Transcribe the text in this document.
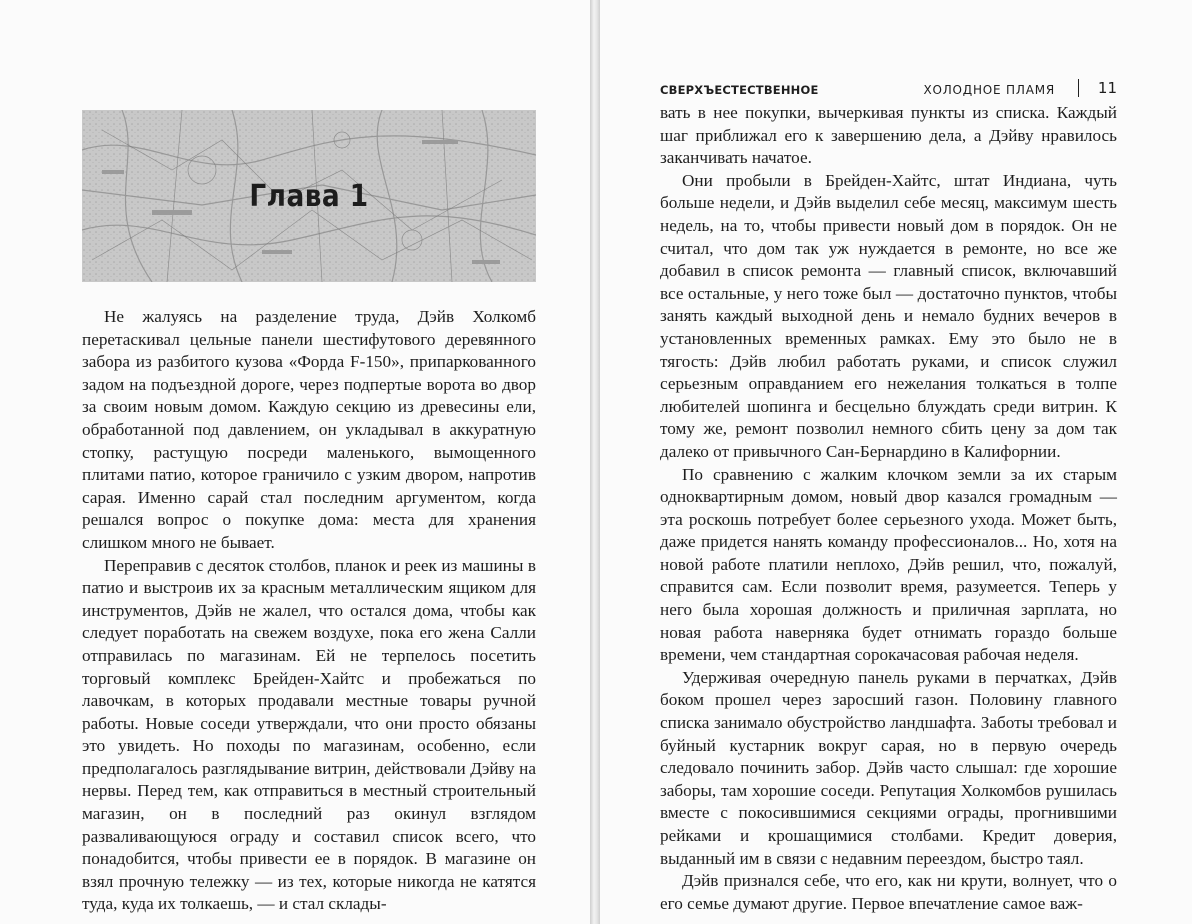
Глава 1

Не жалуясь на разделение труда, Дэйв Холкомб перетаскивал цельные панели шестифутового деревянного забора из разбитого кузова «Форда F-150», припаркованного задом на подъездной дороге, через подпертые ворота во двор за своим новым домом. Каждую секцию из древесины ели, обработанной под давлением, он укладывал в аккуратную стопку, растущую посреди маленького, вымощенного плитами патио, которое граничило с узким двором, напротив сарая. Именно сарай стал последним аргументом, когда решался вопрос о покупке дома: места для хранения слишком много не бывает.

Переправив с десяток столбов, планок и реек из машины в патио и выстроив их за красным металлическим ящиком для инструментов, Дэйв не жалел, что остался дома, чтобы как следует поработать на свежем воздухе, пока его жена Салли отправилась по магазинам. Ей не терпелось посетить торговый комплекс Брейден-Хайтс и пробежаться по лавочкам, в которых продавали местные товары ручной работы. Новые соседи утверждали, что они просто обязаны это увидеть. Но походы по магазинам, особенно, если предполагалось разглядывание витрин, действовали Дэйву на нервы. Перед тем, как отправиться в местный строительный магазин, он в последний раз окинул взглядом разваливающуюся ограду и составил список всего, что понадобится, чтобы привести ее в порядок. В магазине он взял прочную тележку — из тех, которые никогда не катятся туда, куда их толкаешь, — и стал склады-

СВЕРХЪЕСТЕСТВЕННОЕ	ХОЛОДНОЕ ПЛАМЯ	11

вать в нее покупки, вычеркивая пункты из списка. Каждый шаг приближал его к завершению дела, а Дэйву нравилось заканчивать начатое.

Они пробыли в Брейден-Хайтс, штат Индиана, чуть больше недели, и Дэйв выделил себе месяц, максимум шесть недель, на то, чтобы привести новый дом в порядок. Он не считал, что дом так уж нуждается в ремонте, но все же добавил в список ремонта — главный список, включавший все остальные, у него тоже был — достаточно пунктов, чтобы занять каждый выходной день и немало будних вечеров в установленных временных рамках. Ему это было не в тягость: Дэйв любил работать руками, и список служил серьезным оправданием его нежелания толкаться в толпе любителей шопинга и бесцельно блуждать среди витрин. К тому же, ремонт позволил немного сбить цену за дом так далеко от привычного Сан-Бернардино в Калифорнии.

По сравнению с жалким клочком земли за их старым одноквартирным домом, новый двор казался громадным — эта роскошь потребует более серьезного ухода. Может быть, даже придется нанять команду профессионалов... Но, хотя на новой работе платили неплохо, Дэйв решил, что, пожалуй, справится сам. Если позволит время, разумеется. Теперь у него была хорошая должность и приличная зарплата, но новая работа наверняка будет отнимать гораздо больше времени, чем стандартная сорокачасовая рабочая неделя.

Удерживая очередную панель руками в перчатках, Дэйв боком прошел через заросший газон. Половину главного списка занимало обустройство ландшафта. Заботы требовал и буйный кустарник вокруг сарая, но в первую очередь следовало починить забор. Дэйв часто слышал: где хорошие заборы, там хорошие соседи. Репутация Холкомбов рушилась вместе с покосившимися секциями ограды, прогнившими рейками и крошащимися столбами. Кредит доверия, выданный им в связи с недавним переездом, быстро таял.

Дэйв признался себе, что его, как ни крути, волнует, что о его семье думают другие. Первое впечатление самое важ-
